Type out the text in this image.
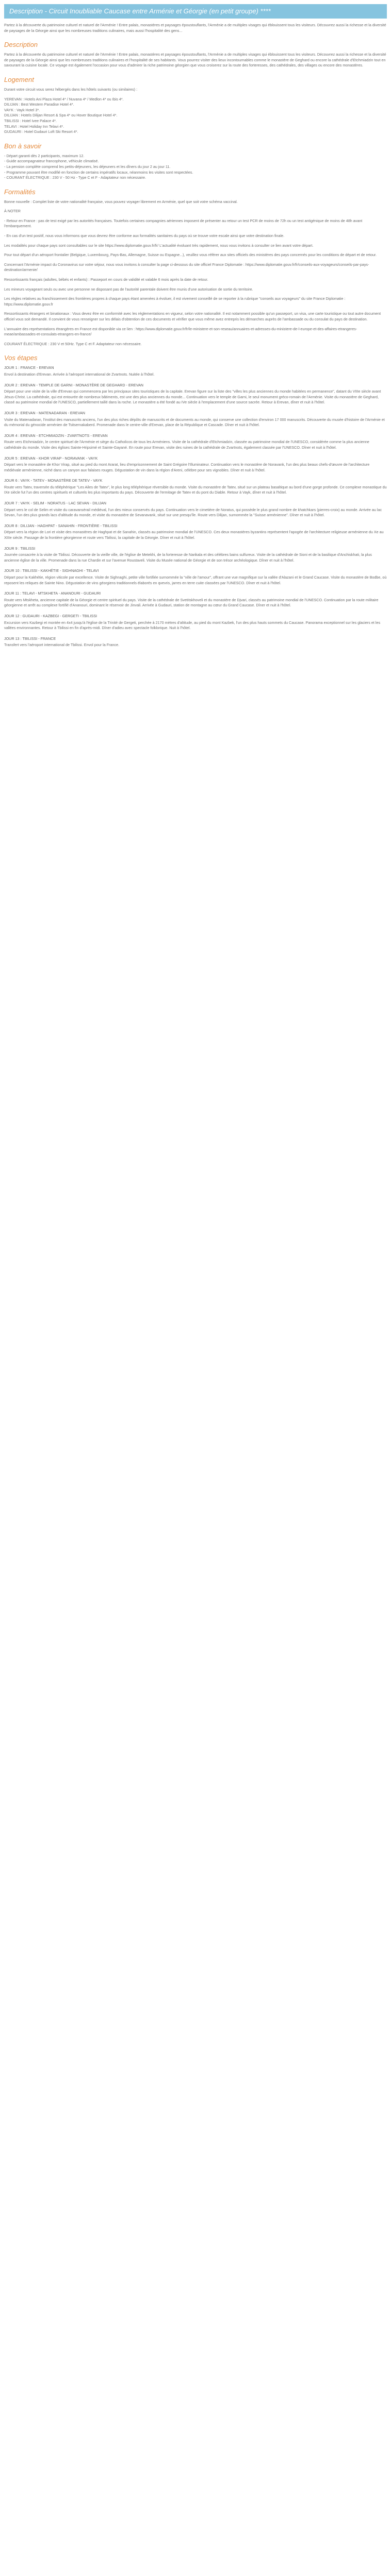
Description - Circuit Inoubliable Caucase entre Arménie et Géorgie (en petit groupe) ****

Partez à la découverte du patrimoine culturel et naturel de l'Arménie ! Entre palais, monastères et paysages époustouflants, l'Arménie a de multiples visages qui éblouissent tous les visiteurs. Découvrez aussi la richesse et la diversité de paysages de la Géorgie ainsi que les nombreuses traditions culinaires, mais aussi l'hospitalité des gens...

Description

Partez à la découverte du patrimoine culturel et naturel de l'Arménie ! Entre palais, monastères et paysages époustouflants, l'Arménie a de multiples visages qui éblouissent tous les visiteurs. Découvrez aussi la richesse et la diversité de paysages de la Géorgie ainsi que les nombreuses traditions culinaires et l'hospitalité de ses habitants. Vous pourrez visiter des lieux incontournables comme le monastère de Geghard ou encore la cathédrale d'Etchmiadzin tout en savourant la cuisine locale. Ce voyage est également l'occasion pour vous d'admirer la riche patrimoine géorgien que vous croiserez sur la route des forteresses, des cathédrales, des villages ou encore des monastères.

Logement

Durant votre circuit vous serez hébergés dans les hôtels suivants (ou similaires) :

YEREVAN : Hotels Ani Plaza Hotel 4* / Nuvana 4* / Medlon 4* ou Ibis 4*.
DILIJAN : Best Western Paradise Hotel 4*.
VAYK : Vayk Hotel 3*.
DILIJAN : Hotels Dilijan Resort & Spa 4* ou Hover Boutique Hotel 4*.
TBILISSI : Hotel Ivee Palace 4*.
TELAVI : Hotel Holiday Inn Telavi 4*.
GUDAURI : Hotel Gudauri Loft Ski Resort 4*.
Bon à savoir
- Départ garanti dès 2 participants, maximum 12.
- Guide accompagnateur francophone, véhicule climatisé.
- La pension complète comprend les petits-déjeuners, les déjeuners et les dîners du jour 2 au jour 11.
- Programme pouvant être modifié en fonction de certains impératifs locaux, néanmoins les visites sont respectées.
- COURANT ÉLECTRIQUE : 230 V - 50 Hz - Type C et F - Adaptateur non nécessaire.
Formalités

Bonne nouvelle : Complet liste de votre nationalité française, vous pouvez voyager librement en Arménie, quel que soit votre schéma vaccinal.

À NOTER

- Retour en France : pas de test exigé par les autorités françaises. Toutefois certaines compagnies aériennes imposent de présenter au retour un test PCR de moins de 72h ou un test antigénique de moins de 48h avant l'embarquement.

- En cas d'un test positif, nous vous informons que vous devrez être conforme aux formalités sanitaires du pays où se trouve votre escale ainsi que votre destination finale.

Les modalités pour chaque pays sont consultables sur le site https://www.diplomatie.gouv.fr/fr/ L'actualité évoluant très rapidement, nous vous invitons à consulter ce lien avant votre départ.

Pour tout départ d'un aéroport frontalier (Belgique, Luxembourg, Pays-Bas, Allemagne, Suisse ou Espagne...), veuillez vous référer aux sites officiels des ministères des pays concernés pour les conditions de départ et de retour.

Concernant l'Arménie impact du Coronavirus sur votre séjour, nous vous invitons à consulter la page ci-dessous du site officiel France Diplomatie : https://www.diplomatie.gouv.fr/fr/conseils-aux-voyageurs/conseils-par-pays-destination/armenie/

Ressortissants français (adultes, bébés et enfants) : Passeport en cours de validité et valable 6 mois après la date de retour.

Les mineurs voyageant seuls ou avec une personne ne disposant pas de l'autorité parentale doivent être munis d'une autorisation de sortie du territoire.

Les règles relatives au franchissement des frontières propres à chaque pays étant amenées à évoluer, il est vivement conseillé de se reporter à la rubrique "conseils aux voyageurs" du site France Diplomatie : https://www.diplomatie.gouv.fr

Ressortissants étrangers et binationaux : Vous devez être en conformité avec les réglementations en vigueur, selon votre nationalité. Il est notamment possible qu'un passeport, un visa, une carte touristique ou tout autre document officiel vous soit demandé. Il convient de vous renseigner sur les délais d'obtention de ces documents et vérifier que vous même avez entrepris les démarches auprès de l'ambassade ou du consulat du pays de destination.

L'annuaire des représentations étrangères en France est disponible via ce lien : https://www.diplomatie.gouv.fr/fr/le-ministere-et-son-reseau/annuaires-et-adresses-du-ministere-de-l-europe-et-des-affaires-etrangeres-meae/ambassades-et-consulats-etrangers-en-france/

COURANT ÉLECTRIQUE : 230 V et 50Hz. Type C et F. Adaptateur non nécessaire.

Vos étapes
JOUR 1 : FRANCE - EREVAN
Envol à destination d'Erevan. Arrivée à l'aéroport international de Zvartnots. Nuitée à l'hôtel.
JOUR 2 : EREVAN - TEMPLE DE GARNI - MONASTÈRE DE GEGHARD - EREVAN
Départ pour une visite de la ville d'Erevan qui commencera par les principaux sites touristiques de la capitale. Erevan figure sur la liste des "villes les plus anciennes du monde habitées en permanence", datant du VIIIe siècle avant Jésus-Christ. La cathédrale, qui est entourée de nombreux bâtiments, est une des plus anciennes du monde... Continuation vers le temple de Garni, le seul monument gréco-romain de l'Arménie. Visite du monastère de Geghard, classé au patrimoine mondial de l'UNESCO, partiellement taillé dans la roche. Le monastère a été fondé au IVe siècle à l'emplacement d'une source sacrée. Retour à Erevan, dîner et nuit à l'hôtel.
JOUR 3 : EREVAN - MATENADARAN - EREVAN
Visite du Matenadaran, l'institut des manuscrits anciens, l'un des plus riches dépôts de manuscrits et de documents au monde, qui conserve une collection d'environ 17 000 manuscrits. Découverte du musée d'histoire de l'Arménie et du mémorial du génocide arménien de Tsitsernakaberd. Promenade dans le centre-ville d'Erevan, place de la République et Cascade. Dîner et nuit à l'hôtel.
JOUR 4 : EREVAN - ETCHMIADZIN - ZVARTNOTS - EREVAN
Route vers Etchmiadzin, le centre spirituel de l'Arménie et siège du Catholicos de tous les Arméniens. Visite de la cathédrale d'Etchmiadzin, classée au patrimoine mondial de l'UNESCO, considérée comme la plus ancienne cathédrale du monde. Visite des églises Sainte-Hripsimé et Sainte-Gayané. En route pour Erevan, visite des ruines de la cathédrale de Zvartnots, également classée par l'UNESCO. Dîner et nuit à l'hôtel.
JOUR 5 : EREVAN - KHOR VIRAP - NORAVANK - VAYK
Départ vers le monastère de Khor Virap, situé au pied du mont Ararat, lieu d'emprisonnement de Saint Grégoire l'Illuminateur. Continuation vers le monastère de Noravank, l'un des plus beaux chefs-d'œuvre de l'architecture médiévale arménienne, niché dans un canyon aux falaises rouges. Dégustation de vin dans la région d'Areni, célèbre pour ses vignobles. Dîner et nuit à l'hôtel.
JOUR 6 : VAYK - TATEV - MONASTÈRE DE TATEV - VAYK
Route vers Tatev, traversée du téléphérique "Les Ailes de Tatev", le plus long téléphérique réversible du monde. Visite du monastère de Tatev, situé sur un plateau basaltique au bord d'une gorge profonde. Ce complexe monastique du IXe siècle fut l'un des centres spirituels et culturels les plus importants du pays. Découverte de l'ermitage de Tatev et du pont du Diable. Retour à Vayk, dîner et nuit à l'hôtel.
JOUR 7 : VAYK - SELIM - NORATUS - LAC SEVAN - DILIJAN
Départ vers le col de Selim et visite du caravansérail médiéval, l'un des mieux conservés du pays. Continuation vers le cimetière de Noratus, qui possède le plus grand nombre de khatchkars (pierres-croix) au monde. Arrivée au lac Sevan, l'un des plus grands lacs d'altitude du monde, et visite du monastère de Sevanavank, situé sur une presqu'île. Route vers Dilijan, surnommée la "Suisse arménienne". Dîner et nuit à l'hôtel.
JOUR 8 : DILIJAN - HAGHPAT - SANAHIN - FRONTIÈRE - TBILISSI
Départ vers la région de Lori et visite des monastères de Haghpat et de Sanahin, classés au patrimoine mondial de l'UNESCO. Ces deux monastères byzantins représentent l'apogée de l'architecture religieuse arménienne du Xe au XIIIe siècle. Passage de la frontière géorgienne et route vers Tbilissi, la capitale de la Géorgie. Dîner et nuit à l'hôtel.
JOUR 9 : TBILISSI
Journée consacrée à la visite de Tbilissi. Découverte de la vieille ville, de l'église de Metekhi, de la forteresse de Narikala et des célèbres bains sulfureux. Visite de la cathédrale de Sioni et de la basilique d'Anchiskhati, la plus ancienne église de la ville. Promenade dans la rue Chardin et sur l'avenue Roustaveli. Visite du Musée national de Géorgie et de son trésor archéologique. Dîner et nuit à l'hôtel.
JOUR 10 : TBILISSI - KAKHÉTIE - SIGHNAGHI - TELAVI
Départ pour la Kakhétie, région viticole par excellence. Visite de Sighnaghi, petite ville fortifiée surnommée la "ville de l'amour", offrant une vue magnifique sur la vallée d'Alazani et le Grand Caucase. Visite du monastère de Bodbe, où reposent les reliques de Sainte Nino. Dégustation de vins géorgiens traditionnels élaborés en qvevris, jarres en terre cuite classées par l'UNESCO. Dîner et nuit à l'hôtel.
JOUR 11 : TELAVI - MTSKHETA - ANANOURI - GUDAURI
Route vers Mtskheta, ancienne capitale de la Géorgie et centre spirituel du pays. Visite de la cathédrale de Svetitskhoveli et du monastère de Djvari, classés au patrimoine mondial de l'UNESCO. Continuation par la route militaire géorgienne et arrêt au complexe fortifié d'Ananouri, dominant le réservoir de Jinvali. Arrivée à Gudauri, station de montagne au cœur du Grand Caucase. Dîner et nuit à l'hôtel.
JOUR 12 : GUDAURI - KAZBEGI - GERGETI - TBILISSI
Excursion vers Kazbegi et montée en 4x4 jusqu'à l'église de la Trinité de Gergeti, perchée à 2170 mètres d'altitude, au pied du mont Kazbek, l'un des plus hauts sommets du Caucase. Panorama exceptionnel sur les glaciers et les vallées environnantes. Retour à Tbilissi en fin d'après-midi. Dîner d'adieu avec spectacle folklorique. Nuit à l'hôtel.
JOUR 13 : TBILISSI - FRANCE
Transfert vers l'aéroport international de Tbilissi. Envol pour la France.
